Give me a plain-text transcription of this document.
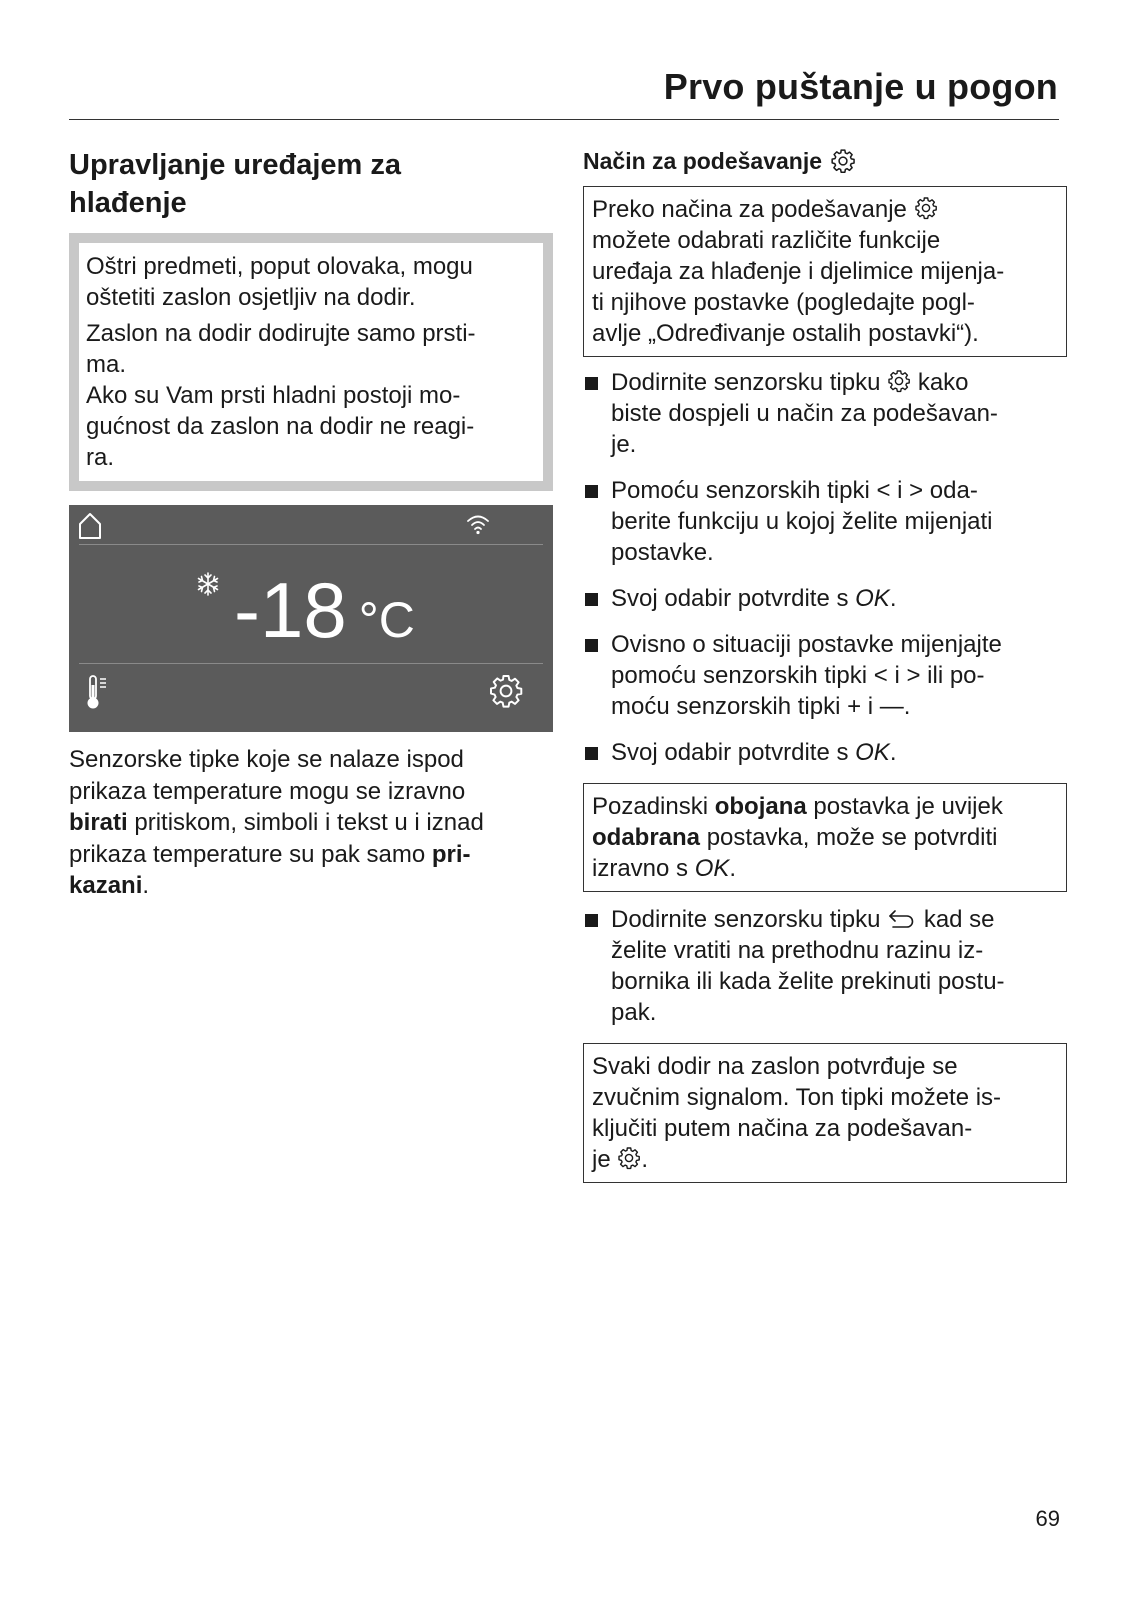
Prvo puštanje u pogon
Upravljanje uređajem za
hlađenje

Oštri predmeti, poput olovaka, mogu
oštetiti zaslon osjetljiv na dodir.

Zaslon na dodir dodirujte samo prsti-
ma.
Ako su Vam prsti hladni postoji mo-
gućnost da zaslon na dodir ne reagi-
ra.

-18 °C
Senzorske tipke koje se nalaze ispod
prikaza temperature mogu se izravno
birati pritiskom, simboli i tekst u i iznad
prikaza temperature su pak samo pri-
kazani.
Način za podešavanje
Preko načina za podešavanje
možete odabrati različite funkcije
uređaja za hlađenje i djelimice mijenja-
ti njihove postavke (pogledajte pogl-
avlje „Određivanje ostalih postavki“).
Dodirnite senzorsku tipku kako
biste dospjeli u način za podešavan-
je.
Pomoću senzorskih tipki < i > oda-
berite funkciju u kojoj želite mijenjati
postavke.
Svoj odabir potvrdite s OK.
Ovisno o situaciji postavke mijenjajte
pomoću senzorskih tipki < i > ili po-
moću senzorskih tipki + i —.
Svoj odabir potvrdite s OK.
Pozadinski obojana postavka je uvijek
odabrana postavka, može se potvrditi
izravno s OK.
Dodirnite senzorsku tipku kad se
želite vratiti na prethodnu razinu iz-
bornika ili kada želite prekinuti postu-
pak.
Svaki dodir na zaslon potvrđuje se
zvučnim signalom. Ton tipki možete is-
ključiti putem načina za podešavan-
je .
69
